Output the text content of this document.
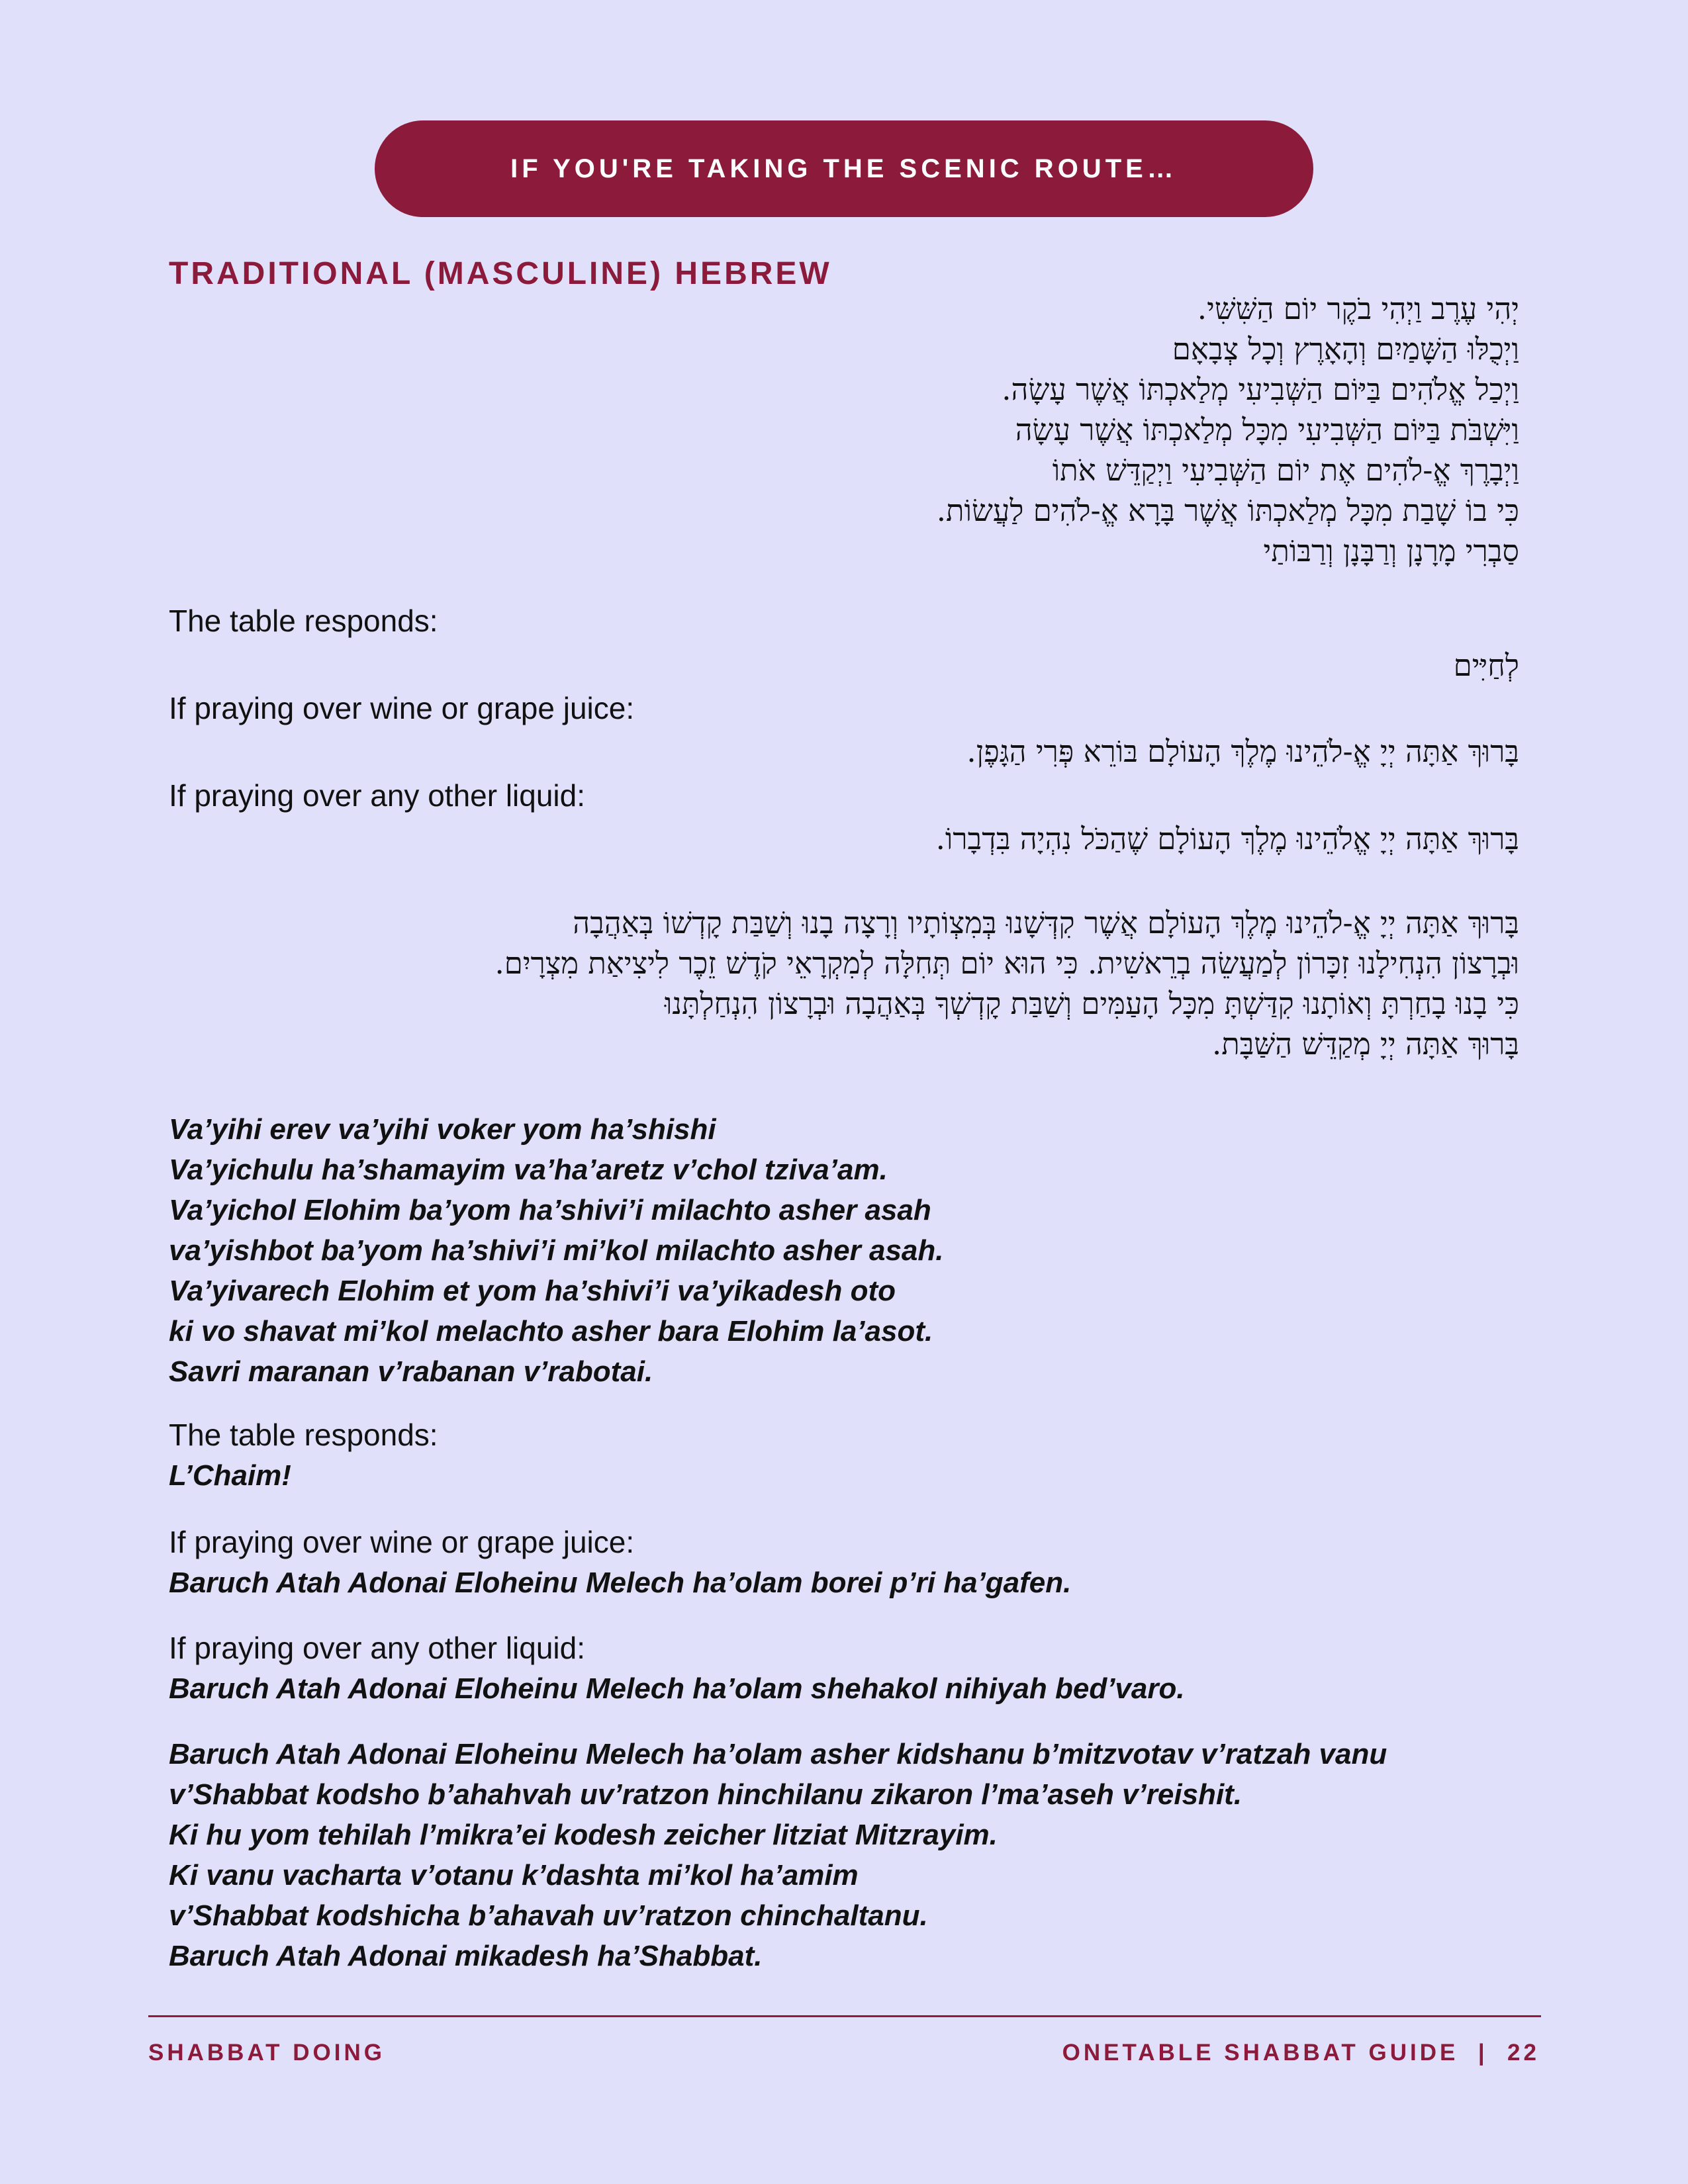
IF YOU'RE TAKING THE SCENIC ROUTE…
TRADITIONAL (MASCULINE) HEBREW

יְהִי עֶרֶב וַיְהִי בֹקֶר יוֹם הַשִּׁשִּׁי.

וַיְכֻלּוּ הַשָּׁמַיִם וְהָאָרֶץ וְכָל צְבָאָם

וַיְכַל אֱלֹהִים בַּיּוֹם הַשְּׁבִיעִי מְלַאכְתּוֹ אֲשֶׁר עָשָׂה.

וַיִּשְׁבֹּת בַּיּוֹם הַשְּׁבִיעִי מִכָּל מְלַאכְתּוֹ אֲשֶׁר עָשָׂה

וַיְבָרֶךְ אֱ-לֹהִים אֶת יוֹם הַשְּׁבִיעִי וַיְקַדֵּשׁ אֹתוֹ

כִּי בוֹ שָׁבַת מִכָּל מְלַאכְתּוֹ אֲשֶׁר בָּרָא אֱ-לֹהִים לַעֲשׂוֹת.

סַבְרִי מָרָנָן וְרַבָּנָן וְרַבּוֹתַי

The table responds:

לְחַיִּים

If praying over wine or grape juice:

בָּרוּךְ אַתָּה יְיָ אֱ-לֹהֵינוּ מֶלֶךְ הָעוֹלָם בּוֹרֵא פְּרִי הַגָּפֶן.

If praying over any other liquid:

בָּרוּךְ אַתָּה יְיָ אֱלֹהֵינוּ מֶלֶךְ הָעוֹלָם שֶׁהַכֹּל נִהְיָה בִּדְבָרוֹ.

בָּרוּךְ אַתָּה יְיָ אֱ-לֹהֵינוּ מֶלֶךְ הָעוֹלָם אֲשֶׁר קִדְּשָׁנוּ בְּמִצְוֹתָיו וְרָצָה בָנוּ וְשַׁבַּת קָדְשׁוֹ בְּאַהֲבָה

וּבְרָצוֹן הִנְחִילָנוּ זִכָּרוֹן לְמַעֲשֵׂה בְרֵאשִׁית. כִּי הוּא יוֹם תְּחִלָּה לְמִקְרָאֵי קֹדֶשׁ זֵכֶר לִיצִיאַת מִצְרָיִם.

כִּי בָנוּ בָחַרְתָּ וְאוֹתָנוּ קִדַּשְׁתָּ מִכָּל הָעַמִּים וְשַׁבַּת קָדְשְׁךָ בְּאַהֲבָה וּבְרָצוֹן הִנְחַלְתָּנוּ

בָּרוּךְ אַתָּה יְיָ מְקַדֵּשׁ הַשַּׁבָּת.

Va’yihi erev va’yihi voker yom ha’shishi

Va’yichulu ha’shamayim va’ha’aretz v’chol tziva’am.

Va’yichol Elohim ba’yom ha’shivi’i milachto asher asah

va’yishbot ba’yom ha’shivi’i mi’kol milachto asher asah.

Va’yivarech Elohim et yom ha’shivi’i va’yikadesh oto

ki vo shavat mi’kol melachto asher bara Elohim la’asot.

Savri maranan v’rabanan v’rabotai.

The table responds:

L’Chaim!

If praying over wine or grape juice:

Baruch Atah Adonai Eloheinu Melech ha’olam borei p’ri ha’gafen.

If praying over any other liquid:

Baruch Atah Adonai Eloheinu Melech ha’olam shehakol nihiyah bed’varo.

Baruch Atah Adonai Eloheinu Melech ha’olam asher kidshanu b’mitzvotav v’ratzah vanu

v’Shabbat kodsho b’ahahvah uv’ratzon hinchilanu zikaron l’ma’aseh v’reishit.

Ki hu yom tehilah l’mikra’ei kodesh zeicher litziat Mitzrayim.

Ki vanu vacharta v’otanu k’dashta mi’kol ha’amim

v’Shabbat kodshicha b’ahavah uv’ratzon chinchaltanu.

Baruch Atah Adonai mikadesh ha’Shabbat.

SHABBAT DOING	ONETABLE SHABBAT GUIDE  |  22
